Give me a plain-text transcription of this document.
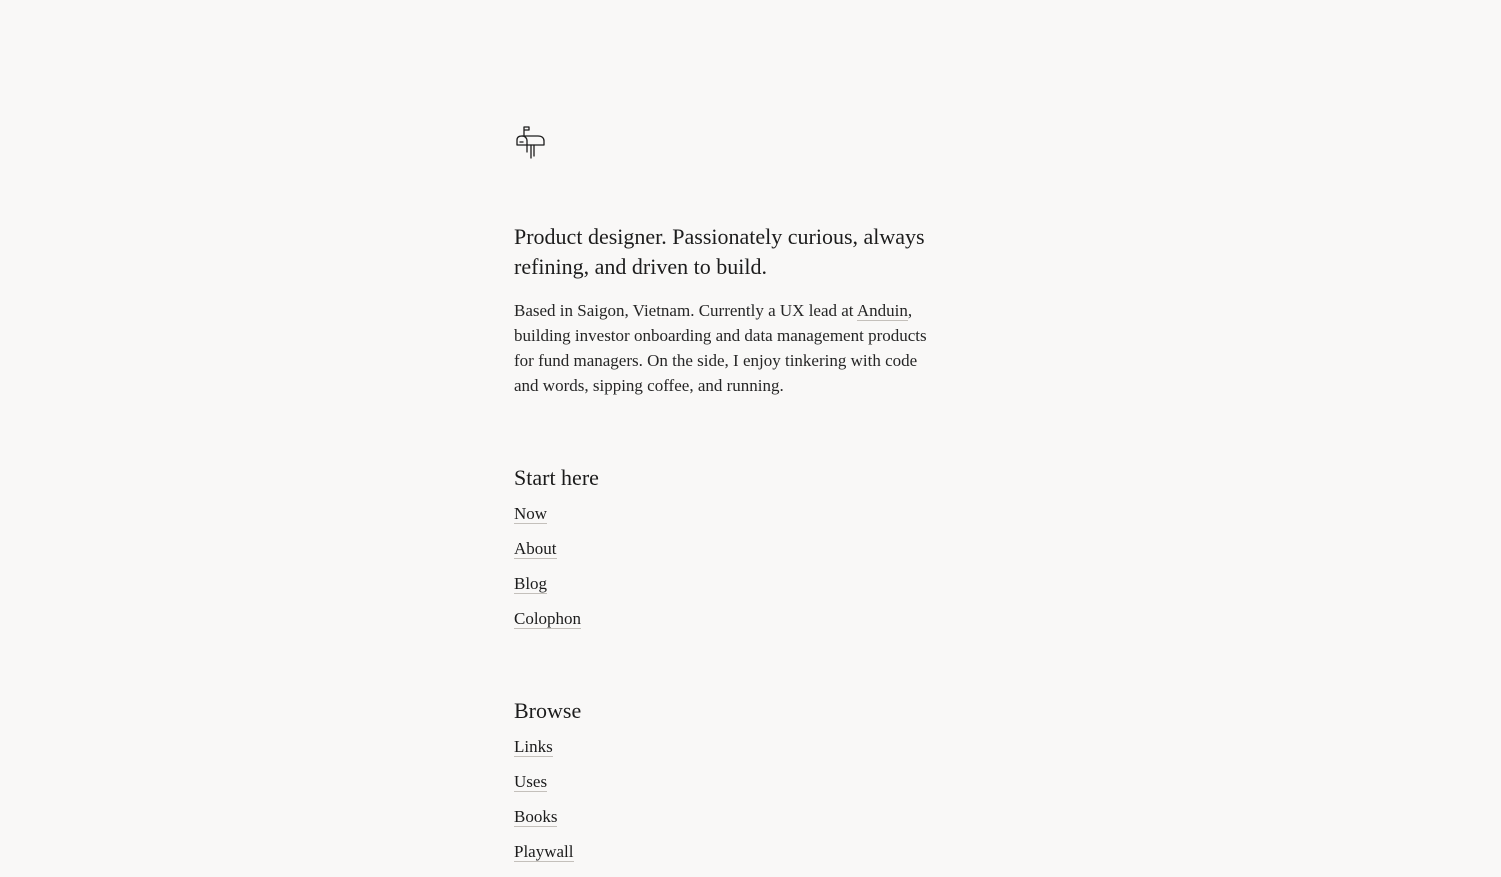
Product designer. Passionately curious, always refining, and driven to build.

Based in Saigon, Vietnam. Currently a UX lead at Anduin, building investor onboarding and data management products for fund managers. On the side, I enjoy tinkering with code and words, sipping coffee, and running.

Start here
Now
About
Blog
Colophon
Browse
Links
Uses
Books
Playwall
